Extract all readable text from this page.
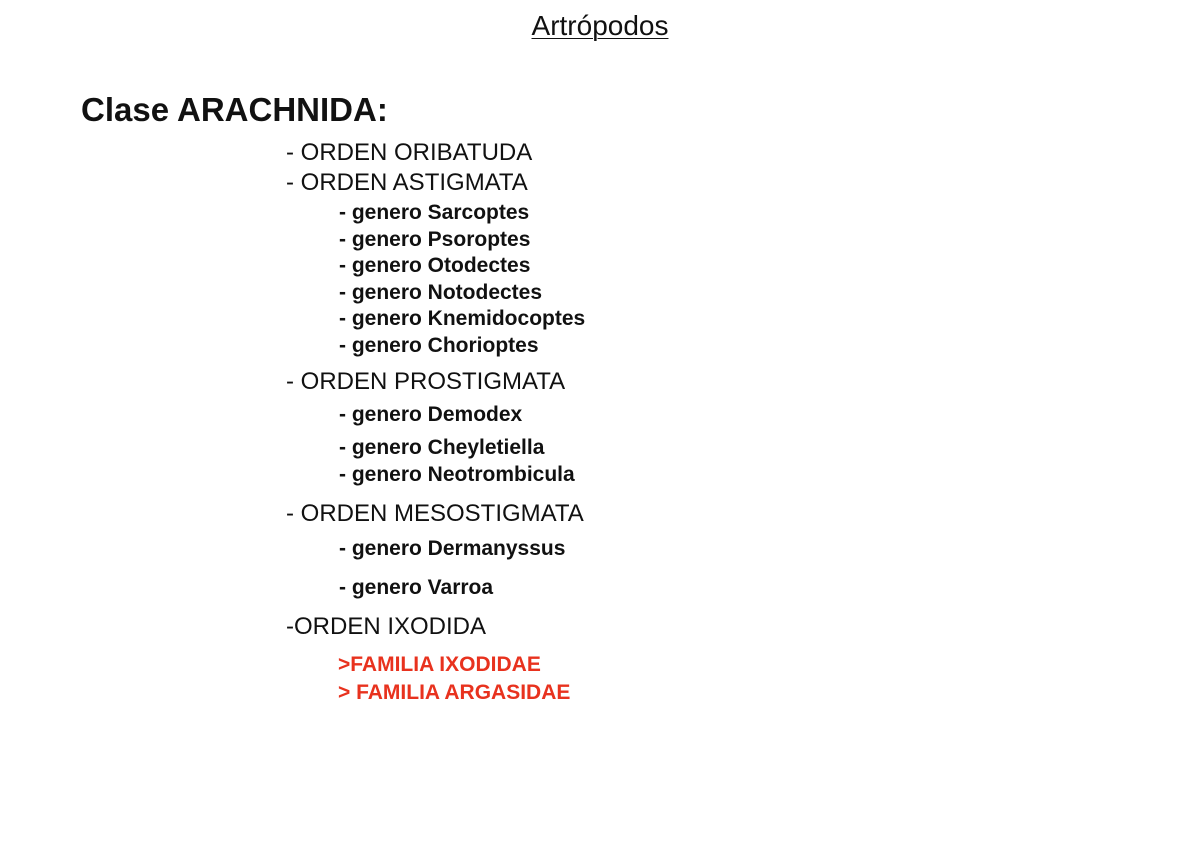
Artrópodos
Clase ARACHNIDA:
- ORDEN ORIBATUDA
- ORDEN ASTIGMATA
- genero Sarcoptes
- genero Psoroptes
- genero Otodectes
- genero Notodectes
- genero Knemidocoptes
- genero Chorioptes
- ORDEN PROSTIGMATA
- genero Demodex
- genero Cheyletiella
- genero Neotrombicula
- ORDEN MESOSTIGMATA
- genero Dermanyssus
- genero Varroa
-ORDEN IXODIDA
>FAMILIA IXODIDAE
> FAMILIA ARGASIDAE
